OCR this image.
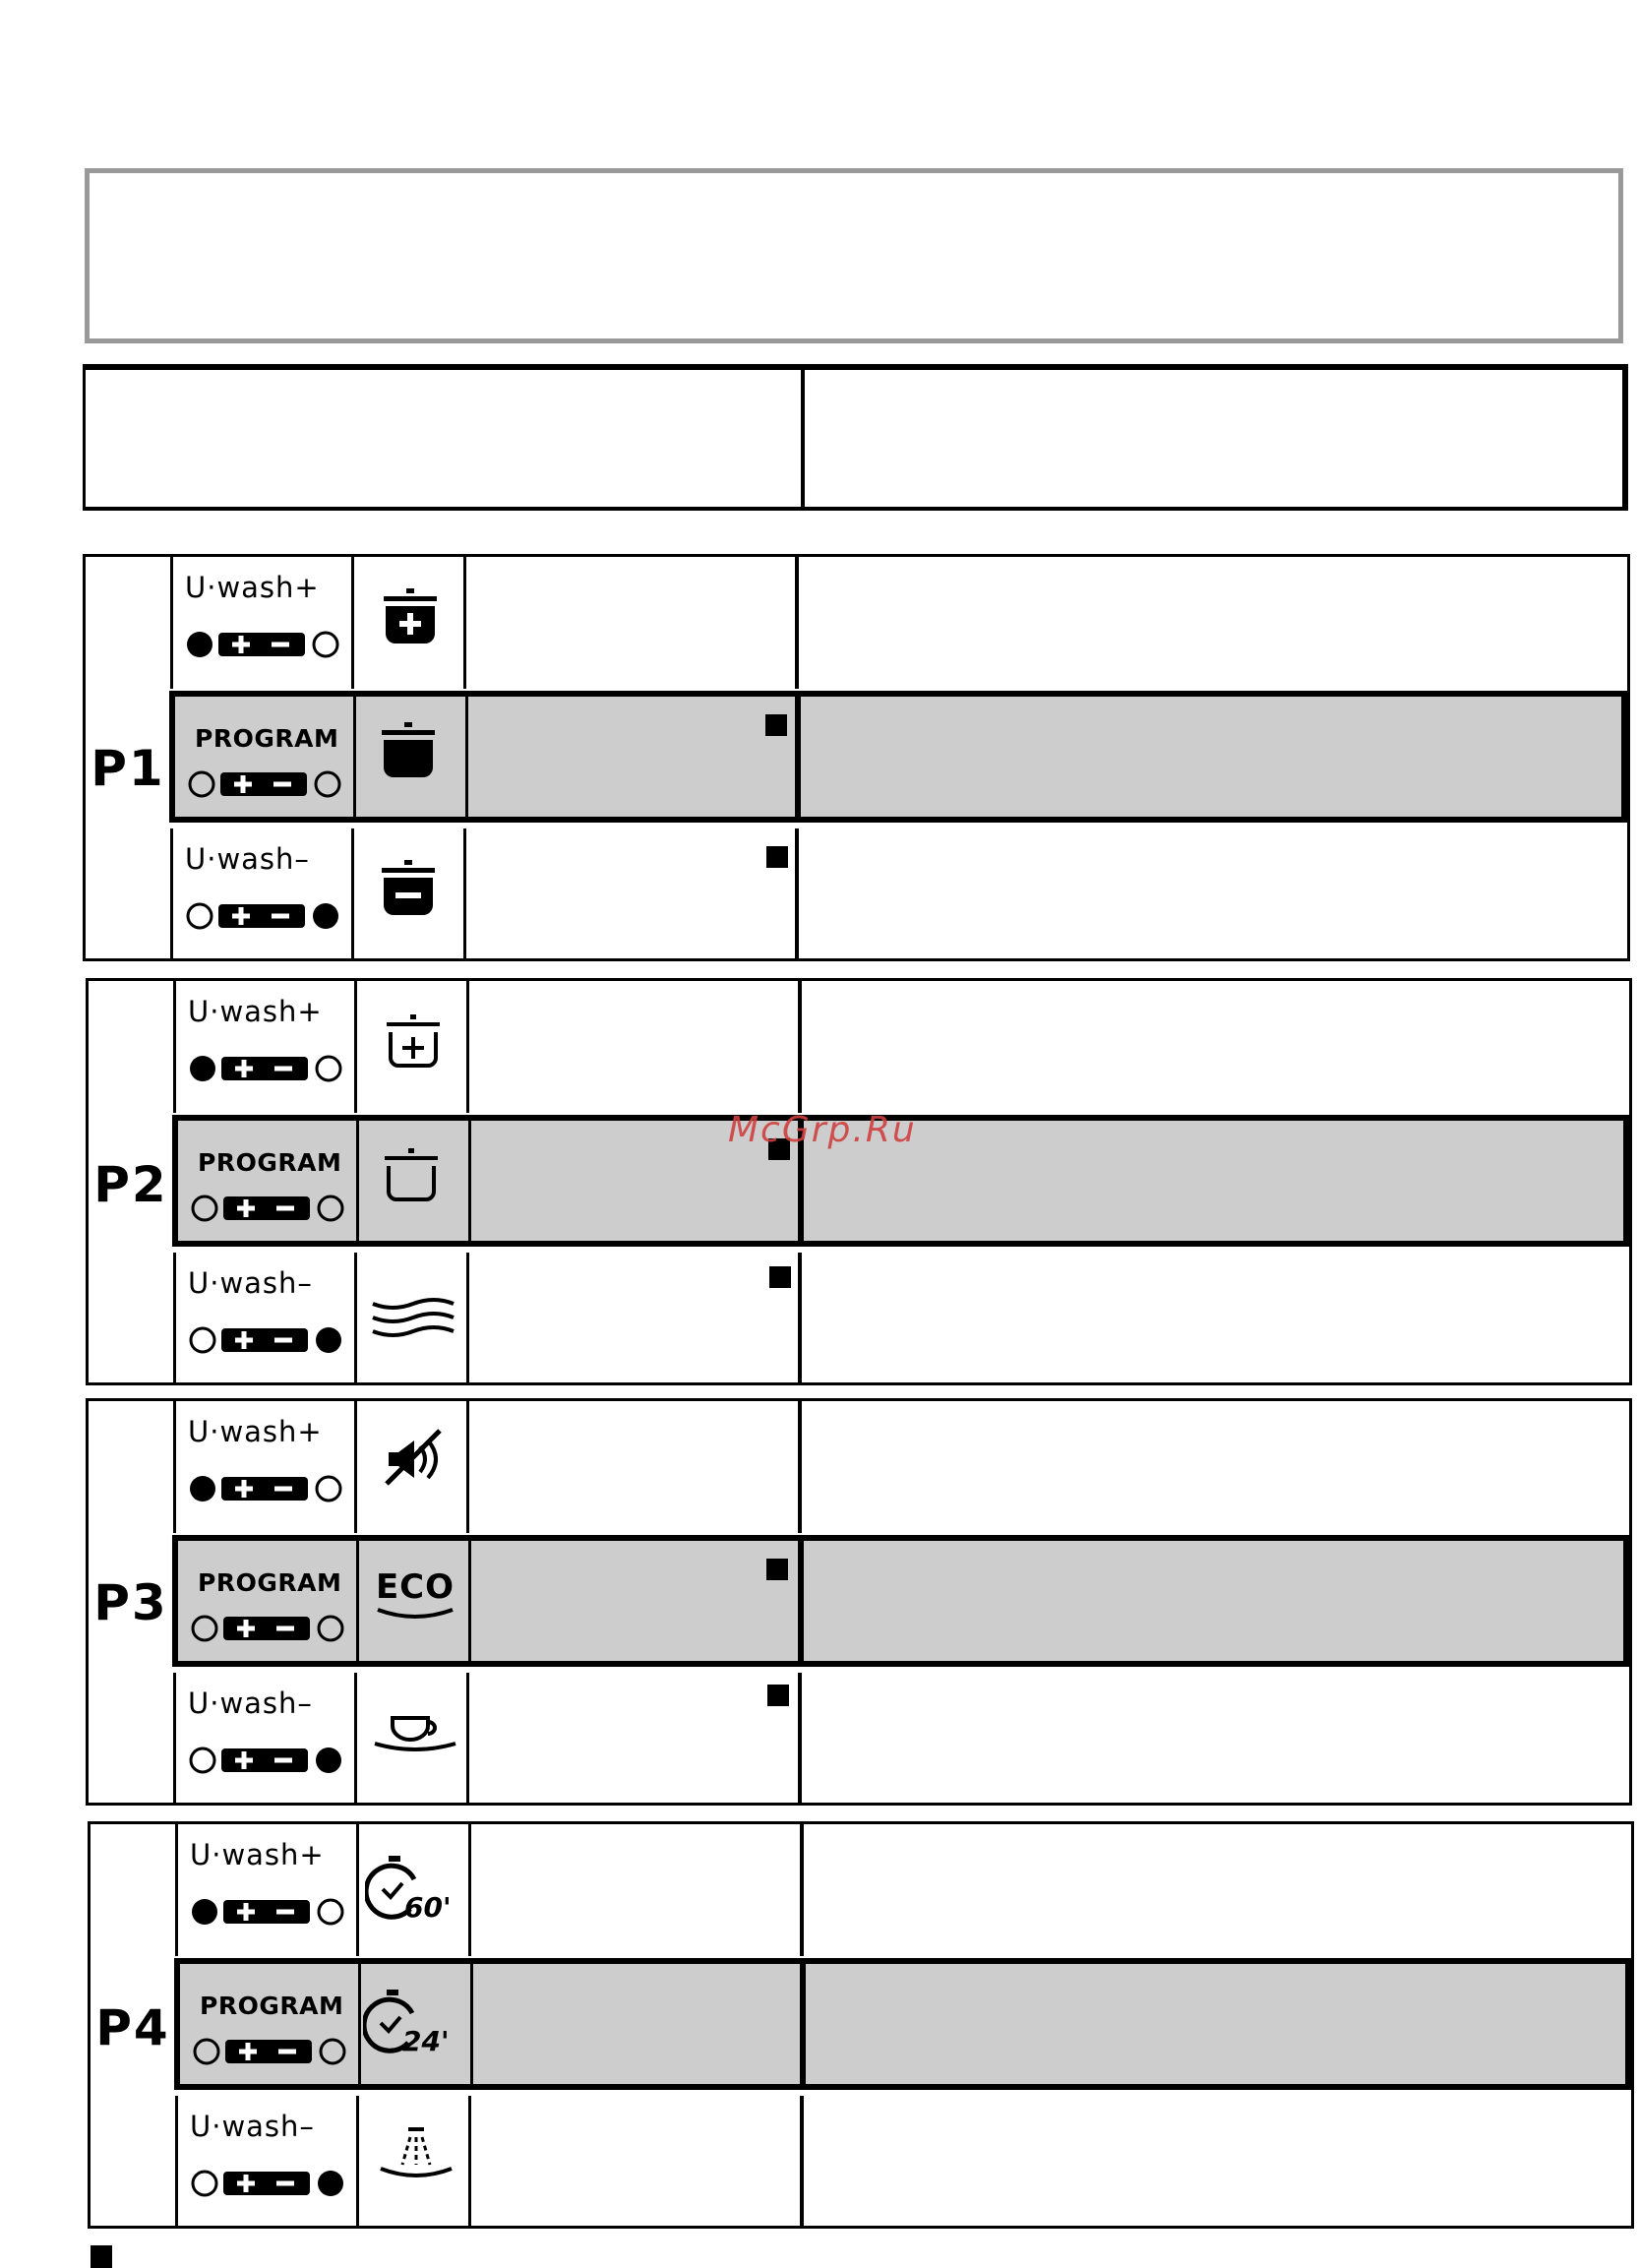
P1
U·wash+
PROGRAM
U·wash–
P2
U·wash+
PROGRAM
U·wash–
P3
U·wash+
PROGRAM ECO
U·wash–
P4
U·wash+
60'
PROGRAM
24'
U·wash–
McGrp.Ru
